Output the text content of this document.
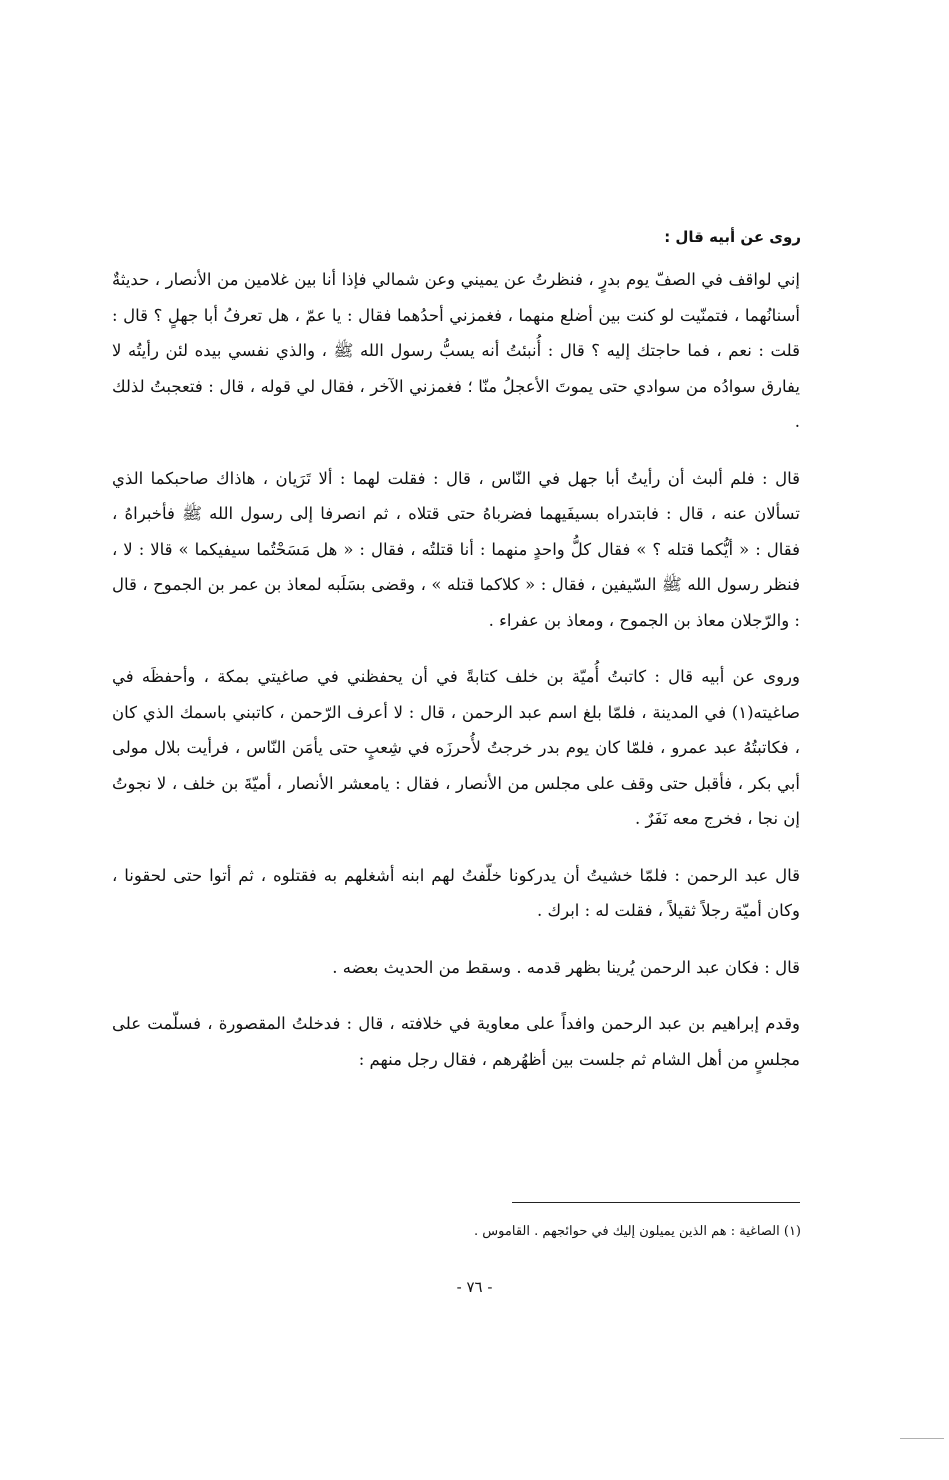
روى عن أبيه قال :

إني لواقف في الصفّ يوم بدرٍ ، فنظرتُ عن يميني وعن شمالي فإذا أنا بين غلامين من الأنصار ، حديثةٌ أسنانُهما ، فتمنّيت لو كنت بين أضلع منهما ، فغمزني أحدُهما فقال : يا عمّ ، هل تعرفُ أبا جهلٍ ؟ قال : قلت : نعم ، فما حاجتك إليه ؟ قال : أُنبئتُ أنه يسبُّ رسول الله ﷺ ، والذي نفسي بيده لئن رأيتُه لا يفارق سوادُه من سوادي حتى يموتَ الأعجلُ منّا ؛ فغمزني الآخر ، فقال لي قوله ، قال : فتعجبتُ لذلك .

قال : فلم ألبث أن رأيتُ أبا جهل في النّاس ، قال : فقلت لهما : ألا تَرَيان ، هاذاك صاحبكما الذي تسألان عنه ، قال : فابتدراه بسيفَيهما فضرباهُ حتى قتلاه ، ثم انصرفا إلى رسول الله ﷺ فأخبراهُ ، فقال : « أيُّكما قتله ؟ » فقال كلُّ واحدٍ منهما : أنا قتلتُه ، فقال : « هل مَسَحْتُما سيفيكما » قالا : لا ، فنظر رسول الله ﷺ السّيفين ، فقال : « كلاكما قتله » ، وقضى بسَلَبه لمعاذ بن عمر بن الجموح ، قال : والرّجلان معاذ بن الجموح ، ومعاذ بن عفراء .

وروى عن أبيه قال : كاتبتُ أُميّة بن خلف كتابةً في أن يحفظني في صاغيتي بمكة ، وأحفظَه في صاغيته(١) في المدينة ، فلمّا بلغ اسم عبد الرحمن ، قال : لا أعرف الرّحمن ، كاتبني باسمك الذي كان ، فكاتبتُهُ عبد عمرو ، فلمّا كان يوم بدر خرجتُ لأُحرزَه في شِعبٍ حتى يأمَن النّاس ، فرأيت بلال مولى أبي بكر ، فأقبل حتى وقف على مجلس من الأنصار ، فقال : يامعشر الأنصار ، أميّةَ بن خلف ، لا نجوتُ إن نجا ، فخرج معه نَفَرٌ .

قال عبد الرحمن : فلمّا خشيتُ أن يدركونا خلّفتُ لهم ابنه أشغلهم به فقتلوه ، ثم أتوا حتى لحقونا ، وكان أميّة رجلاً ثقيلاً ، فقلت له : ابرك .

قال : فكان عبد الرحمن يُرينا بظهر قدمه . وسقط من الحديث بعضه .

وقدم إبراهيم بن عبد الرحمن وافداً على معاوية في خلافته ، قال : فدخلتُ المقصورة ، فسلّمت على مجلسٍ من أهل الشام ثم جلست بين أظهُرهم ، فقال رجل منهم :

(١) الصاغية : هم الذين يميلون إليك في حوائجهم . القاموس .
- ٧٦ -
